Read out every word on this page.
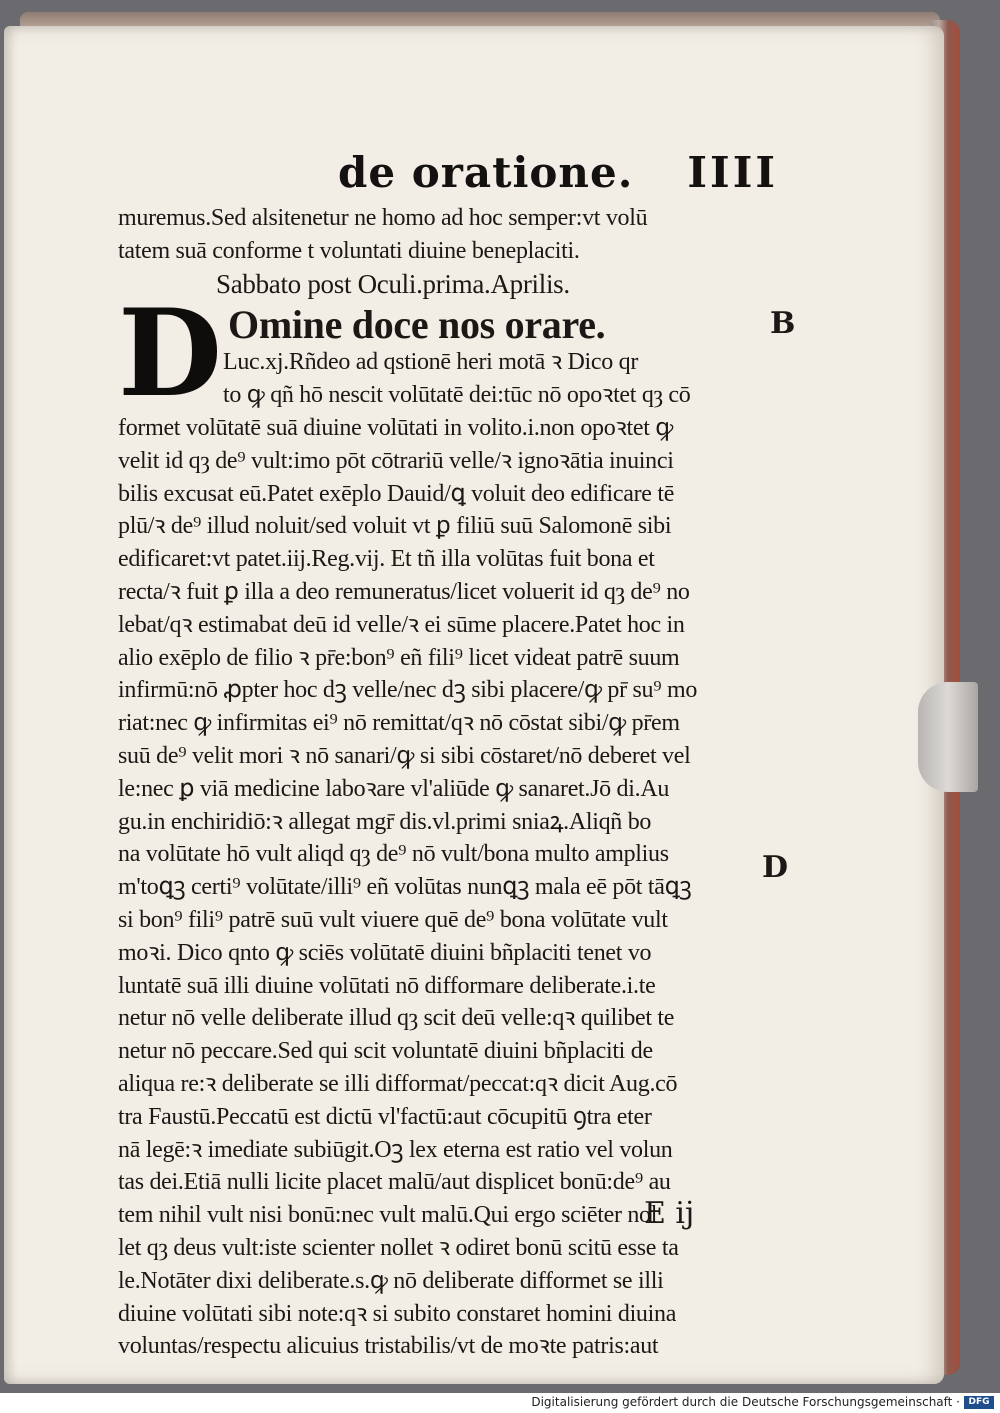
de oratione. IIII
D
muremus.Sed alsitenetur ne homo ad hoc semper:vt volū
tatem suā conforme t voluntati diuine beneplaciti.
Sabbato post Oculi.prima.Aprilis.
Omine doce nos orare.
Luc.xj.Rñdeo ad qstionē heri motā ꝛ Dico qr
to ꝙ qñ hō nescit volūtatē dei:tūc nō opoꝛtet qȝ cō
formet volūtatē suā diuine volūtati in volito.i.non opoꝛtet ꝙ
velit id qȝ de⁹ vult:imo pōt cōtrariū velle/ꝛ ignoꝛātia inuinci
bilis excusat eū.Patet exēplo Dauid/ꝗ voluit deo edificare tē
plū/ꝛ de⁹ illud noluit/sed voluit vt ꝑ filiū suū Salomonē sibi
edificaret:vt patet.iij.Reg.vij. Et tñ illa volūtas fuit bona et
recta/ꝛ fuit ꝑ illa a deo remuneratus/licet voluerit id qȝ de⁹ no
lebat/qꝛ estimabat deū id velle/ꝛ ei sūme placere.Patet hoc in
alio exēplo de filio ꝛ pr̄e:bon⁹ eñ fili⁹ licet videat patrē suum
infirmū:nō ꝓpter hoc dꝫ velle/nec dꝫ sibi placere/ꝙ pr̄ su⁹ mo
riat:nec ꝙ infirmitas ei⁹ nō remittat/qꝛ nō cōstat sibi/ꝙ pr̄em
suū de⁹ velit mori ꝛ nō sanari/ꝙ si sibi cōstaret/nō deberet vel
le:nec ꝑ viā medicine laboꝛare vl'aliūde ꝙ sanaret.Jō di.Au
gu.in enchiridiō:ꝛ allegat mgr̄ dis.vl.primi sniaꝝ.Aliqñ bo
na volūtate hō vult aliqd qȝ de⁹ nō vult/bona multo amplius
m'toꝗꝫ certi⁹ volūtate/illi⁹ eñ volūtas nunꝗꝫ mala eē pōt tāꝗꝫ
si bon⁹ fili⁹ patrē suū vult viuere quē de⁹ bona volūtate vult
moꝛi. Dico qnto ꝙ sciēs volūtatē diuini bñplaciti tenet vo
luntatē suā illi diuine volūtati nō difformare deliberate.i.te
netur nō velle deliberate illud qȝ scit deū velle:qꝛ quilibet te
netur nō peccare.Sed qui scit voluntatē diuini bñplaciti de
aliqua re:ꝛ deliberate se illi difformat/peccat:qꝛ dicit Aug.cō
tra Faustū.Peccatū est dictū vl'factū:aut cōcupitū ꝯtra eter
nā legē:ꝛ imediate subiūgit.Oꝫ lex eterna est ratio vel volun
tas dei.Etiā nulli licite placet malū/aut displicet bonū:de⁹ au
tem nihil vult nisi bonū:nec vult malū.Qui ergo sciēter nol
let qȝ deus vult:iste scienter nollet ꝛ odiret bonū scitū esse ta
le.Notāter dixi deliberate.s.ꝙ nō deliberate difformet se illi
diuine volūtati sibi note:qꝛ si subito constaret homini diuina
voluntas/respectu alicuius tristabilis/vt de moꝛte patris:aut
B
D
E ij
Digitalisierung gefördert durch die Deutsche Forschungsgemeinschaft · DFG
